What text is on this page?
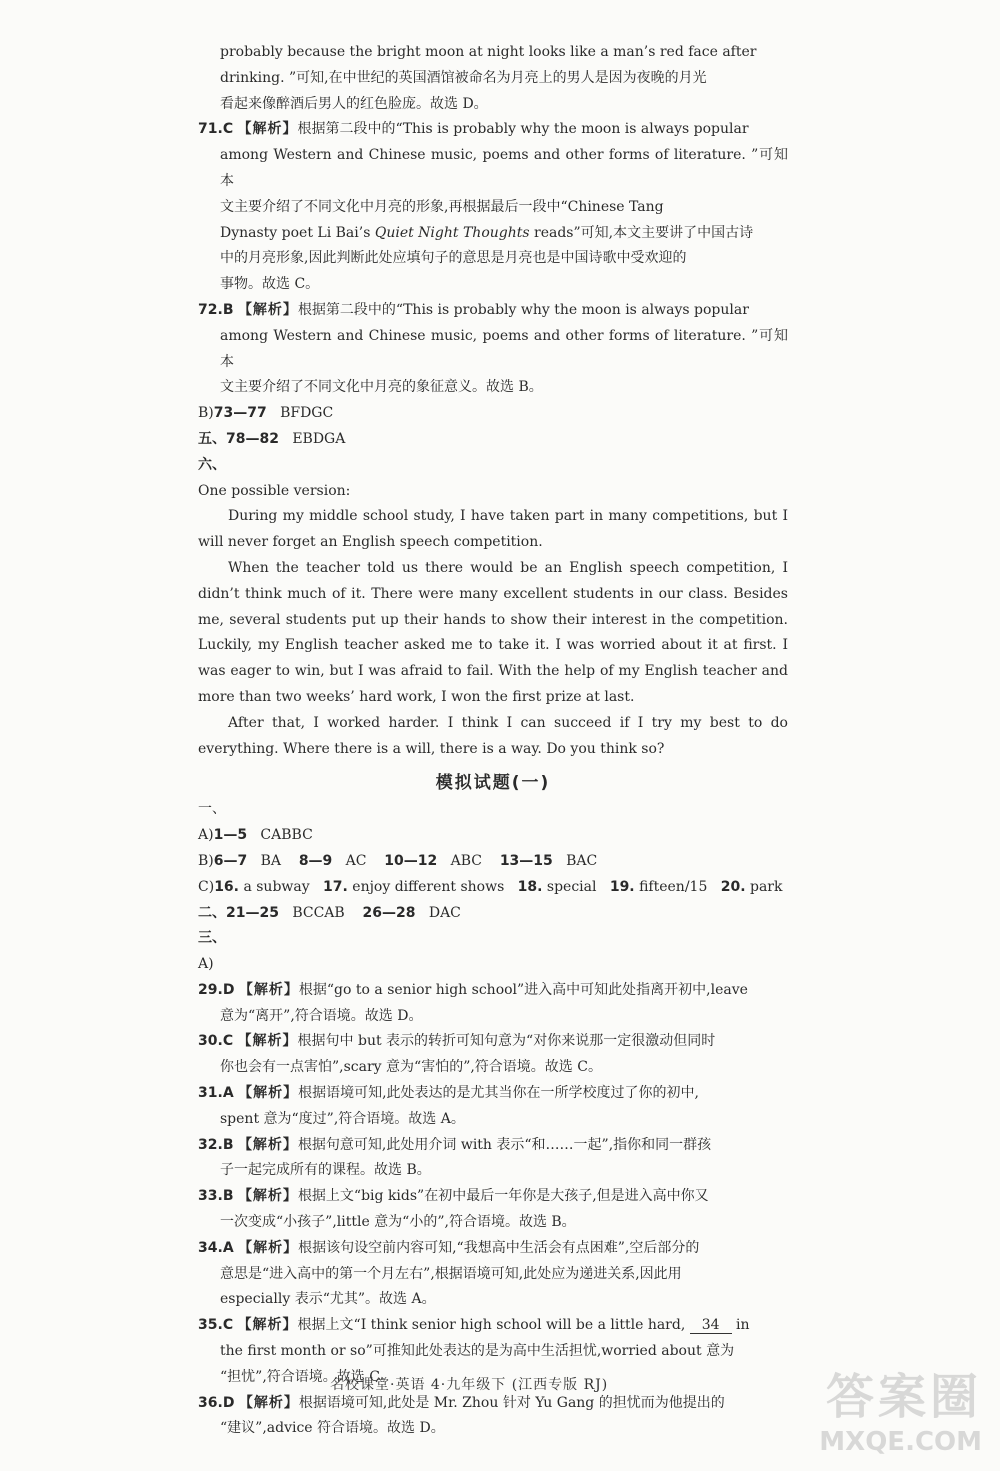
probably because the bright moon at night looks like a man’s red face after

drinking. ”可知,在中世纪的英国酒馆被命名为月亮上的男人是因为夜晚的月光

看起来像醉酒后男人的红色脸庞。故选 D。

71.C 【解析】根据第二段中的“This is probably why the moon is always popular

among Western and Chinese music, poems and other forms of literature. ”可知本

文主要介绍了不同文化中月亮的形象,再根据最后一段中“Chinese Tang

Dynasty poet Li Bai’s Quiet Night Thoughts reads”可知,本文主要讲了中国古诗

中的月亮形象,因此判断此处应填句子的意思是月亮也是中国诗歌中受欢迎的

事物。故选 C。

72.B 【解析】根据第二段中的“This is probably why the moon is always popular

among Western and Chinese music, poems and other forms of literature. ”可知本

文主要介绍了不同文化中月亮的象征意义。故选 B。

B)73—77 BFDGC

五、78—82 EBDGA

六、

One possible version:

During my middle school study, I have taken part in many competitions, but I will never forget an English speech competition.

When the teacher told us there would be an English speech competition, I didn’t think much of it. There were many excellent students in our class. Besides me, several students put up their hands to show their interest in the competition. Luckily, my English teacher asked me to take it. I was worried about it at first. I was eager to win, but I was afraid to fail. With the help of my English teacher and more than two weeks’ hard work, I won the first prize at last.

After that, I worked harder. I think I can succeed if I try my best to do everything. Where there is a will, there is a way. Do you think so?

模拟试题(一)

一、

A)1—5 CABBC

B)6—7 BA 8—9 AC 10—12 ABC 13—15 BAC

C)16. a subway 17. enjoy different shows 18. special 19. fifteen/15 20. park

二、21—25 BCCAB 26—28 DAC

三、

A)

29.D 【解析】根据“go to a senior high school”进入高中可知此处指离开初中,leave

意为“离开”,符合语境。故选 D。

30.C 【解析】根据句中 but 表示的转折可知句意为“对你来说那一定很激动但同时

你也会有一点害怕”,scary 意为“害怕的”,符合语境。故选 C。

31.A 【解析】根据语境可知,此处表达的是尤其当你在一所学校度过了你的初中,

spent 意为“度过”,符合语境。故选 A。

32.B 【解析】根据句意可知,此处用介词 with 表示“和……一起”,指你和同一群孩

子一起完成所有的课程。故选 B。

33.B 【解析】根据上文“big kids”在初中最后一年你是大孩子,但是进入高中你又

一次变成“小孩子”,little 意为“小的”,符合语境。故选 B。

34.A 【解析】根据该句设空前内容可知,“我想高中生活会有点困难”,空后部分的

意思是“进入高中的第一个月左右”,根据语境可知,此处应为递进关系,因此用

especially 表示“尤其”。故选 A。

35.C 【解析】根据上文“I think senior high school will be a little hard, 34 in

the first month or so”可推知此处表达的是为高中生活担忧,worried about 意为

“担忧”,符合语境。故选 C。

36.D 【解析】根据语境可知,此处是 Mr. Zhou 针对 Yu Gang 的担忧而为他提出的

“建议”,advice 符合语境。故选 D。

名校课堂·英语 4·九年级下 (江西专版 RJ)	答案圈
MXQE.COM
